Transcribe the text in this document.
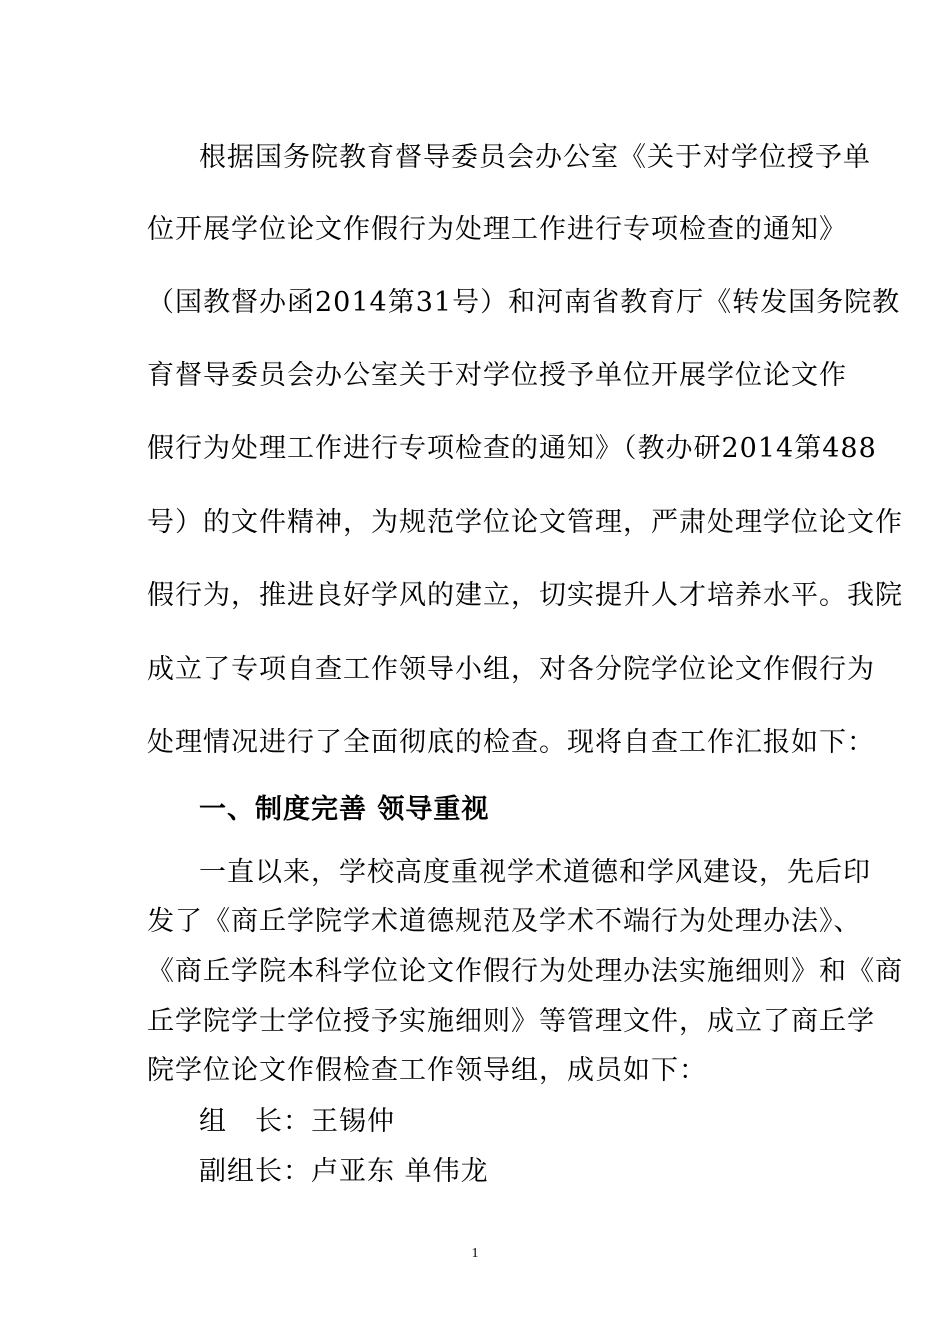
根据国务院教育督导委员会办公室《关于对学位授予单
位开展学位论文作假行为处理工作进行专项检查的通知》
（国教督办函2014第31号）和河南省教育厅《转发国务院教
育督导委员会办公室关于对学位授予单位开展学位论文作
假行为处理工作进行专项检查的通知》（教办研2014第488
号）的文件精神，为规范学位论文管理，严肃处理学位论文作
假行为，推进良好学风的建立，切实提升人才培养水平。我院
成立了专项自查工作领导小组，对各分院学位论文作假行为
处理情况进行了全面彻底的检查。现将自查工作汇报如下：
一、制度完善 领导重视
一直以来，学校高度重视学术道德和学风建设，先后印
发了《商丘学院学术道德规范及学术不端行为处理办法》、
《商丘学院本科学位论文作假行为处理办法实施细则》和《商
丘学院学士学位授予实施细则》等管理文件，成立了商丘学
院学位论文作假检查工作领导组，成员如下：
组　长：王锡仲
副组长：卢亚东 单伟龙
1
